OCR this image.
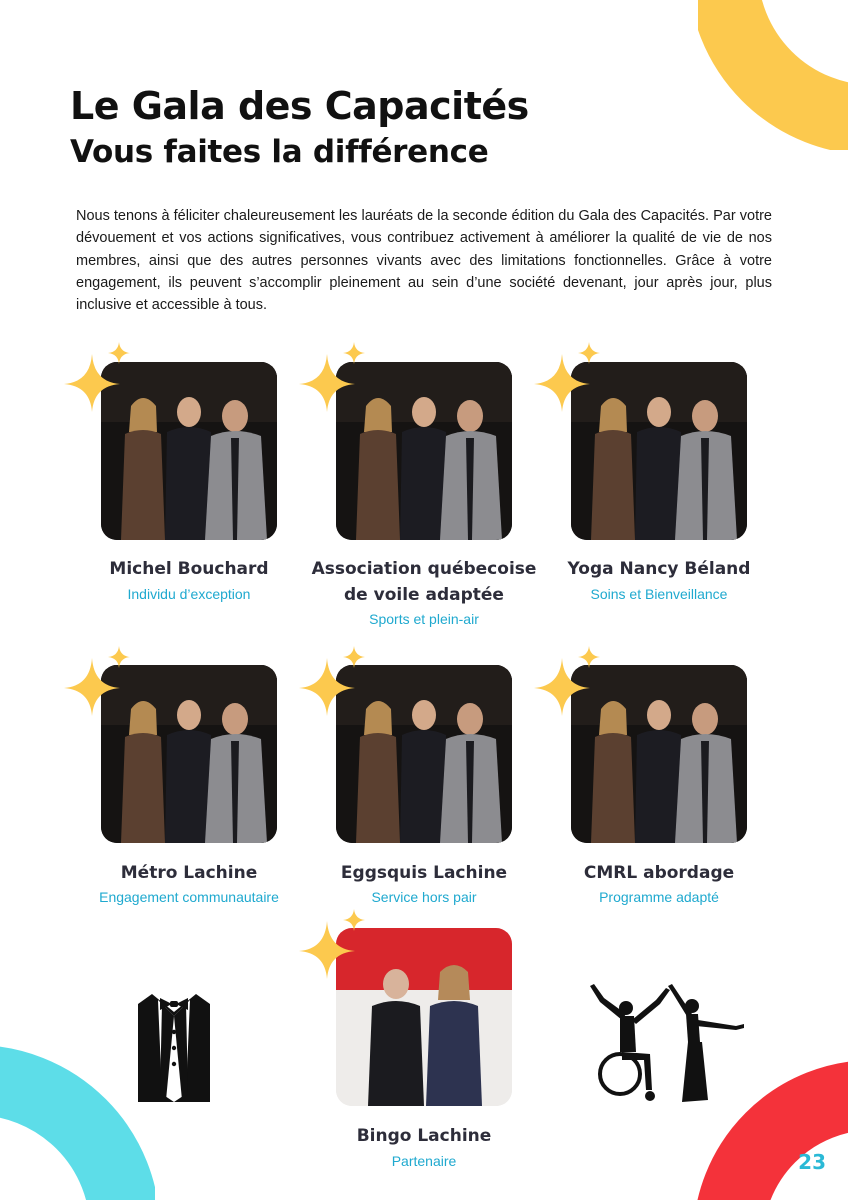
Le Gala des Capacités
Vous faites la différence

Nous tenons à féliciter chaleureusement les lauréats de la seconde édition du Gala des Capacités. Par votre dévouement et vos actions significatives, vous contribuez activement à améliorer la qualité de vie de nos membres, ainsi que des autres personnes vivants avec des limitations fonctionnelles. Grâce à votre engagement, ils peuvent s’accomplir pleinement au sein d’une société devenant, jour après jour, plus inclusive et accessible à tous.

Michel Bouchard

Individu d’exception

Association québecoise de voile adaptée

Sports et plein-air

Yoga Nancy Béland

Soins et Bienveillance

Métro Lachine

Engagement communautaire

Eggsquis Lachine

Service hors pair

CMRL abordage

Programme adapté

Bingo Lachine

Partenaire	23
